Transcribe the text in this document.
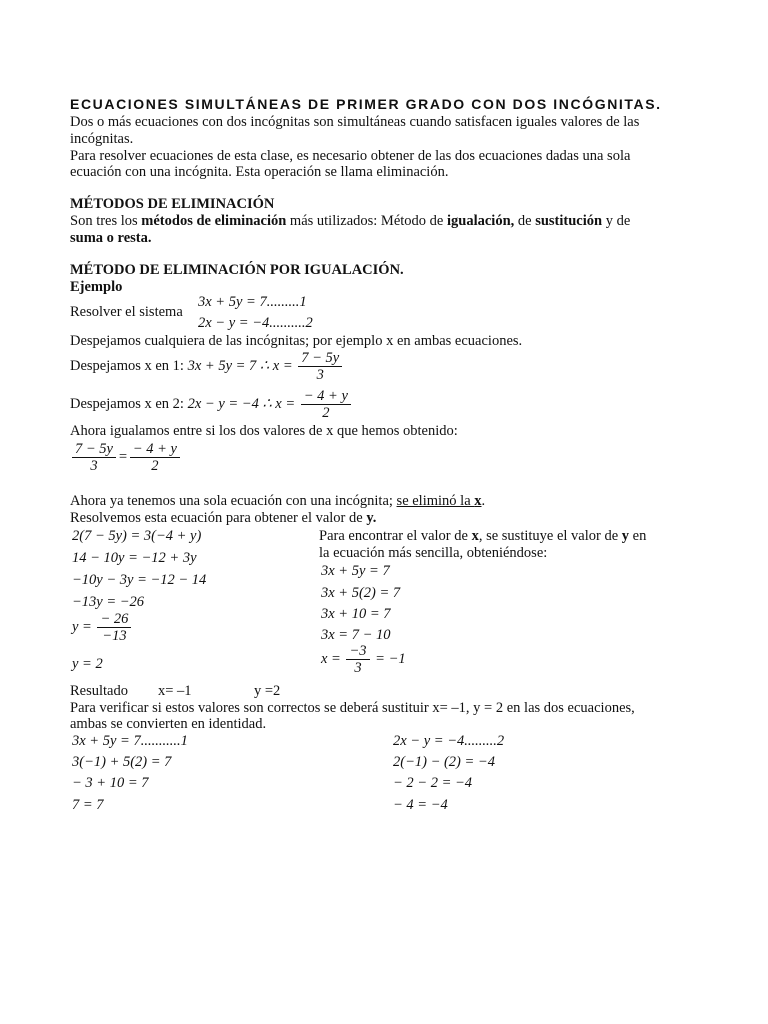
ECUACIONES SIMULTÁNEAS DE PRIMER GRADO CON DOS INCÓGNITAS.
Dos o más ecuaciones con dos incógnitas son simultáneas cuando satisfacen iguales valores de las
incógnitas.
Para resolver ecuaciones de esta clase, es necesario obtener de las dos ecuaciones dadas una sola
ecuación con una incógnita. Esta operación se llama eliminación.
MÉTODOS DE ELIMINACIÓN
Son tres los métodos de eliminación más utilizados: Método de igualación, de sustitución y de
suma o resta.
MÉTODO DE ELIMINACIÓN POR IGUALACIÓN.
Ejemplo
Resolver el sistema
3x + 5y = 7.........1
2x − y = −4..........2
Despejamos cualquiera de las incógnitas; por ejemplo x en ambas ecuaciones.
Despejamos x en 1: 3x + 5y = 7 ∴ $x = \frac{7 - 5y}{3}$
Despejamos x en 2: 2x − y = −4 ∴ $x = \frac{- 4 + y}{2}$
Ahora igualamos entre si los dos valores de x que hemos obtenido:
$\frac{7 - 5y}{3} = \frac{- 4 + y}{2}$
Ahora ya tenemos una sola ecuación con una incógnita; se eliminó la x.
Resolvemos esta ecuación para obtener el valor de y.
2(7 − 5y) = 3(−4 + y)
14 − 10y = −12 + 3y
−10y − 3y = −12 − 14
−13y = −26
$y = \frac{- 26}{-13}$
y = 2
Para encontrar el valor de x, se sustituye el valor de y en
la ecuación más sencilla, obteniéndose:
3x + 5y = 7
3x + 5(2) = 7
3x + 10 = 7
3x = 7 − 10
$x = \frac{-3}{3} = -1$
Resultado x= –1	y =2
Para verificar si estos valores son correctos se deberá sustituir x= –1, y = 2 en las dos ecuaciones,
ambas se convierten en identidad.
3x + 5y = 7...........1
3(−1) + 5(2) = 7
− 3 + 10 = 7
7 = 7
2x − y = −4.........2
2(−1) − (2) = −4
− 2 − 2 = −4
− 4 = −4
